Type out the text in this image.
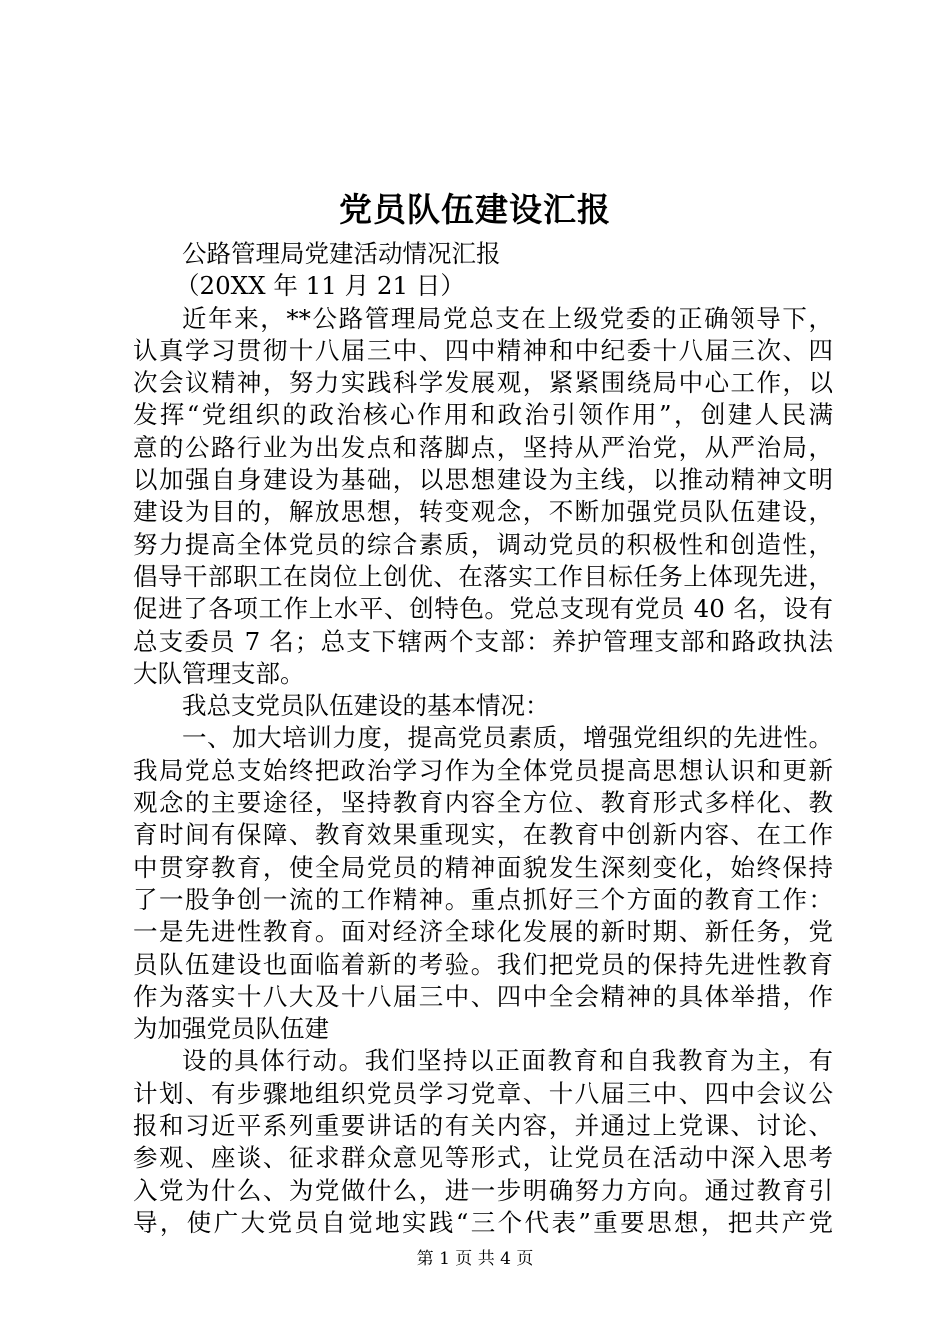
党员队伍建设汇报
公路管理局党建活动情况汇报
（20XX 年 11 月 21 日）
近年来，**公路管理局党总支在上级党委的正确领导下，
认真学习贯彻十八届三中、四中精神和中纪委十八届三次、四
次会议精神，努力实践科学发展观，紧紧围绕局中心工作，以
发挥“党组织的政治核心作用和政治引领作用”，创建人民满
意的公路行业为出发点和落脚点，坚持从严治党，从严治局，
以加强自身建设为基础，以思想建设为主线，以推动精神文明
建设为目的，解放思想，转变观念，不断加强党员队伍建设，
努力提高全体党员的综合素质，调动党员的积极性和创造性，
倡导干部职工在岗位上创优、在落实工作目标任务上体现先进，
促进了各项工作上水平、创特色。党总支现有党员 40 名，设有
总支委员 7 名；总支下辖两个支部：养护管理支部和路政执法
大队管理支部。
我总支党员队伍建设的基本情况：
一、加大培训力度，提高党员素质，增强党组织的先进性。
我局党总支始终把政治学习作为全体党员提高思想认识和更新
观念的主要途径，坚持教育内容全方位、教育形式多样化、教
育时间有保障、教育效果重现实，在教育中创新内容、在工作
中贯穿教育，使全局党员的精神面貌发生深刻变化，始终保持
了一股争创一流的工作精神。重点抓好三个方面的教育工作：
一是先进性教育。面对经济全球化发展的新时期、新任务，党
员队伍建设也面临着新的考验。我们把党员的保持先进性教育
作为落实十八大及十八届三中、四中全会精神的具体举措，作
为加强党员队伍建
设的具体行动。我们坚持以正面教育和自我教育为主，有
计划、有步骤地组织党员学习党章、十八届三中、四中会议公
报和习近平系列重要讲话的有关内容，并通过上党课、讨论、
参观、座谈、征求群众意见等形式，让党员在活动中深入思考
入党为什么、为党做什么，进一步明确努力方向。通过教育引
导，使广大党员自觉地实践“三个代表”重要思想，把共产党
第 1 页 共 4 页
